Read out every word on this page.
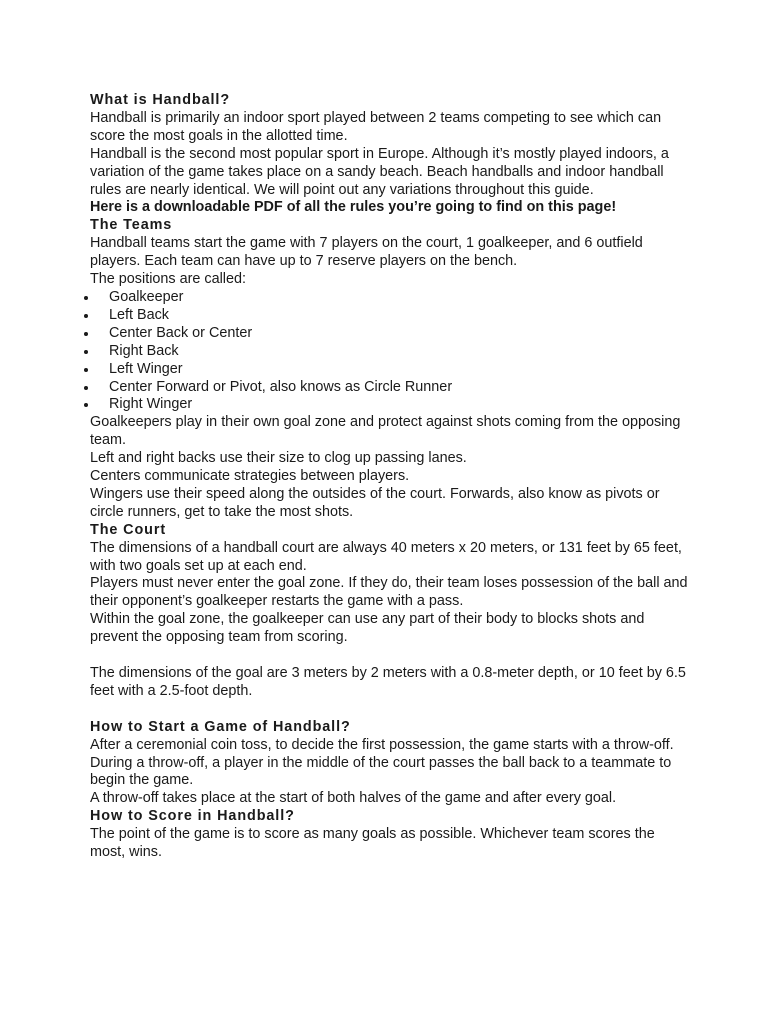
What is Handball?

Handball is primarily an indoor sport played between 2 teams competing to see which can score the most goals in the allotted time.

Handball is the second most popular sport in Europe. Although it’s mostly played indoors, a variation of the game takes place on a sandy beach. Beach handballs and indoor handball rules are nearly identical. We will point out any variations throughout this guide.

Here is a downloadable PDF of all the rules you’re going to find on this page!

The Teams

Handball teams start the game with 7 players on the court, 1 goalkeeper, and 6 outfield players. Each team can have up to 7 reserve players on the bench.

The positions are called:

Goalkeeper
Left Back
Center Back or Center
Right Back
Left Winger
Center Forward or Pivot, also knows as Circle Runner
Right Winger

Goalkeepers play in their own goal zone and protect against shots coming from the opposing team.

Left and right backs use their size to clog up passing lanes.

Centers communicate strategies between players.

Wingers use their speed along the outsides of the court. Forwards, also know as pivots or circle runners, get to take the most shots.

The Court

The dimensions of a handball court are always 40 meters x 20 meters, or 131 feet by 65 feet, with two goals set up at each end.

Players must never enter the goal zone. If they do, their team loses possession of the ball and their opponent’s goalkeeper restarts the game with a pass.

Within the goal zone, the goalkeeper can use any part of their body to blocks shots and prevent the opposing team from scoring.

The dimensions of the goal are 3 meters by 2 meters with a 0.8-meter depth, or 10 feet by 6.5 feet with a 2.5-foot depth.

How to Start a Game of Handball?

After a ceremonial coin toss, to decide the first possession, the game starts with a throw-off.

During a throw-off, a player in the middle of the court passes the ball back to a teammate to begin the game.

A throw-off takes place at the start of both halves of the game and after every goal.

How to Score in Handball?

The point of the game is to score as many goals as possible. Whichever team scores the most, wins.
